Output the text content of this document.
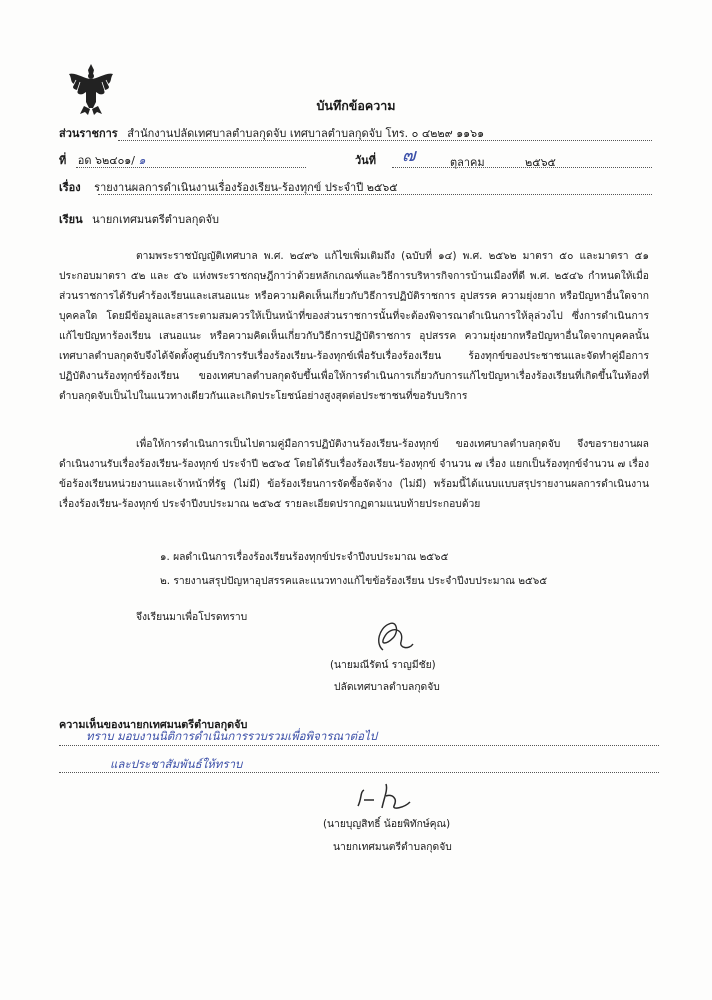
บันทึกข้อความ
ส่วนราชการ สำนักงานปลัดเทศบาลตำบลกุดจับ เทศบาลตำบลกุดจับ โทร. ๐ ๔๒๒๙ ๑๑๖๑
ที่ อด ๖๒๔๐๑/ ๑	วันที่ ๗	ตุลาคม	๒๕๖๕
เรื่อง รายงานผลการดำเนินงานเรื่องร้องเรียน-ร้องทุกข์ ประจำปี ๒๕๖๕
เรียน นายกเทศมนตรีตำบลกุดจับ
ตามพระราชบัญญัติเทศบาล พ.ศ. ๒๔๙๖ แก้ไขเพิ่มเติมถึง (ฉบับที่ ๑๔) พ.ศ. ๒๕๖๒ มาตรา ๕๐ และมาตรา ๕๑ ประกอบมาตรา ๕๒ และ ๕๖ แห่งพระราชกฤษฎีกาว่าด้วยหลักเกณฑ์และวิธีการบริหารกิจการบ้านเมืองที่ดี พ.ศ. ๒๕๔๖ กำหนดให้เมื่อส่วนราชการได้รับคำร้องเรียนและเสนอแนะ หรือความคิดเห็นเกี่ยวกับวิธีการปฏิบัติราชการ อุปสรรค ความยุ่งยาก หรือปัญหาอื่นใดจากบุคคลใด โดยมีข้อมูลและสาระตามสมควรให้เป็นหน้าที่ของส่วนราชการนั้นที่จะต้องพิจารณาดำเนินการให้ลุล่วงไป ซึ่งการดำเนินการแก้ไขปัญหาร้องเรียน เสนอแนะ หรือความคิดเห็นเกี่ยวกับวิธีการปฏิบัติราชการ อุปสรรค ความยุ่งยากหรือปัญหาอื่นใดจากบุคคลนั้น เทศบาลตำบลกุดจับจึงได้จัดตั้งศูนย์บริการรับเรื่องร้องเรียน-ร้องทุกข์เพื่อรับเรื่องร้องเรียน ร้องทุกข์ของประชาชนและจัดทำคู่มือการปฏิบัติงานร้องทุกข์ร้องเรียน ของเทศบาลตำบลกุดจับขึ้นเพื่อให้การดำเนินการเกี่ยวกับการแก้ไขปัญหาเรื่องร้องเรียนที่เกิดขึ้นในท้องที่ตำบลกุดจับเป็นไปในแนวทางเดียวกันและเกิดประโยชน์อย่างสูงสุดต่อประชาชนที่ขอรับบริการ
เพื่อให้การดำเนินการเป็นไปตามคู่มือการปฏิบัติงานร้องเรียน-ร้องทุกข์ ของเทศบาลตำบลกุดจับ จึงขอรายงานผลดำเนินงานรับเรื่องร้องเรียน-ร้องทุกข์ ประจำปี ๒๕๖๕ โดยได้รับเรื่องร้องเรียน-ร้องทุกข์ จำนวน ๗ เรื่อง แยกเป็นร้องทุกข์จำนวน ๗ เรื่อง ข้อร้องเรียนหน่วยงานและเจ้าหน้าที่รัฐ (ไม่มี) ข้อร้องเรียนการจัดซื้อจัดจ้าง (ไม่มี) พร้อมนี้ได้แนบแบบสรุปรายงานผลการดำเนินงานเรื่องร้องเรียน-ร้องทุกข์ ประจำปีงบประมาณ ๒๕๖๕ รายละเอียดปรากฏตามแนบท้ายประกอบด้วย
๑. ผลดำเนินการเรื่องร้องเรียนร้องทุกข์ประจำปีงบประมาณ ๒๕๖๕
๒. รายงานสรุปปัญหาอุปสรรคและแนวทางแก้ไขข้อร้องเรียน ประจำปีงบประมาณ ๒๕๖๕
จึงเรียนมาเพื่อโปรดทราบ
(นายมณีรัตน์ ราญมีชัย)
ปลัดเทศบาลตำบลกุดจับ
ความเห็นของนายกเทศมนตรีตำบลกุดจับ
ทราบ มอบงานนิติการดำเนินการรวบรวมเพื่อพิจารณาต่อไป
และประชาสัมพันธ์ให้ทราบ
(นายบุญสิทธิ์ น้อยพิทักษ์คุณ)
นายกเทศมนตรีตำบลกุดจับ
